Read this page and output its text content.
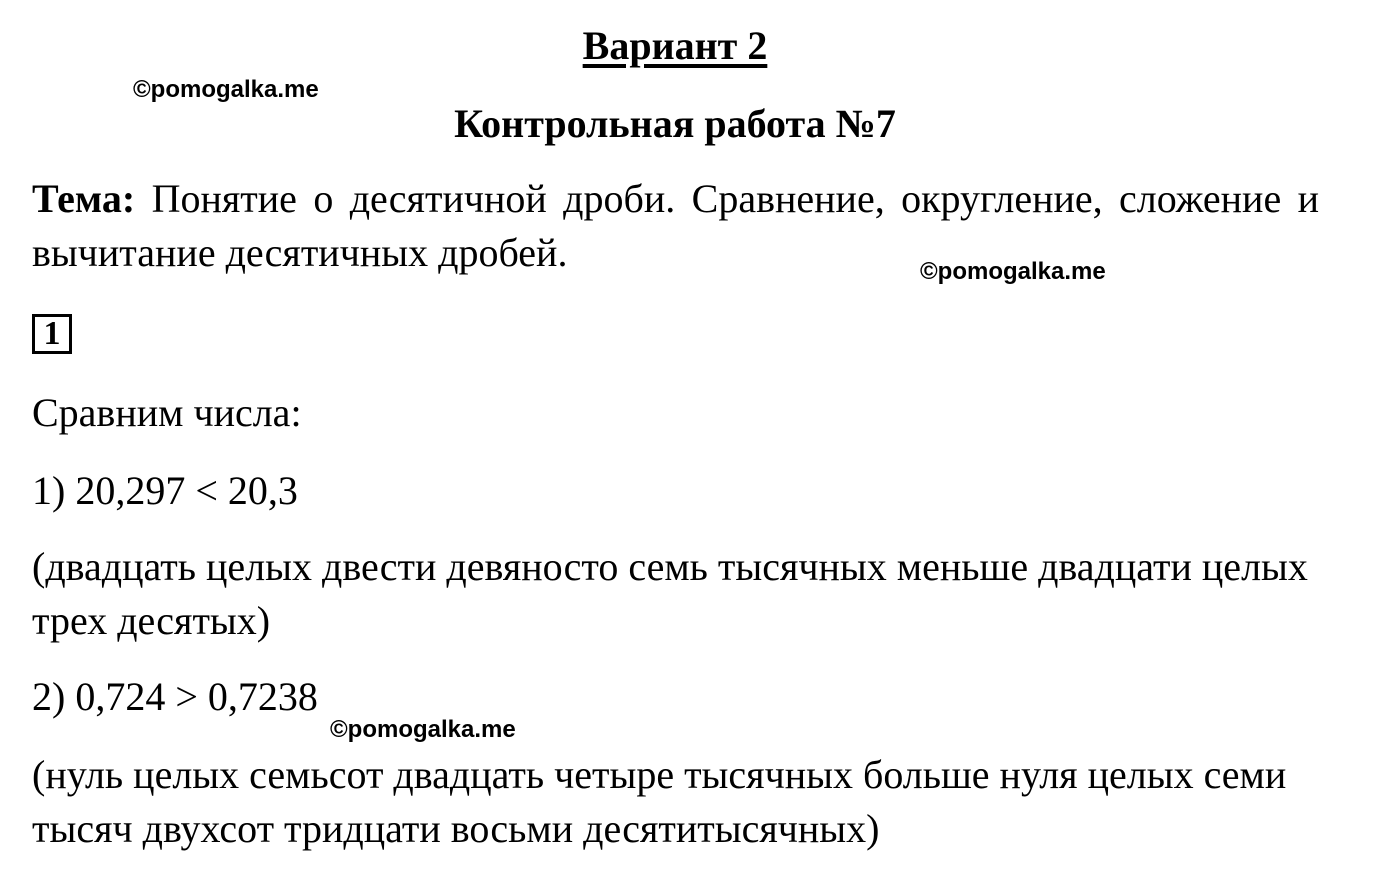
Вариант 2
©pomogalka.me
Контрольная работа №7
Тема: Понятие о десятичной дроби. Сравнение, округление, сложение и вычитание десятичных дробей.	©pomogalka.me
1
Сравним числа:
1) 20,297 < 20,3
(двадцать целых двести девяносто семь тысячных меньше двадцати целых трех десятых)
2) 0,724 > 0,7238
©pomogalka.me
(нуль целых семьсот двадцать четыре тысячных больше нуля целых семи тысяч двухсот тридцати восьми десятитысячных)
